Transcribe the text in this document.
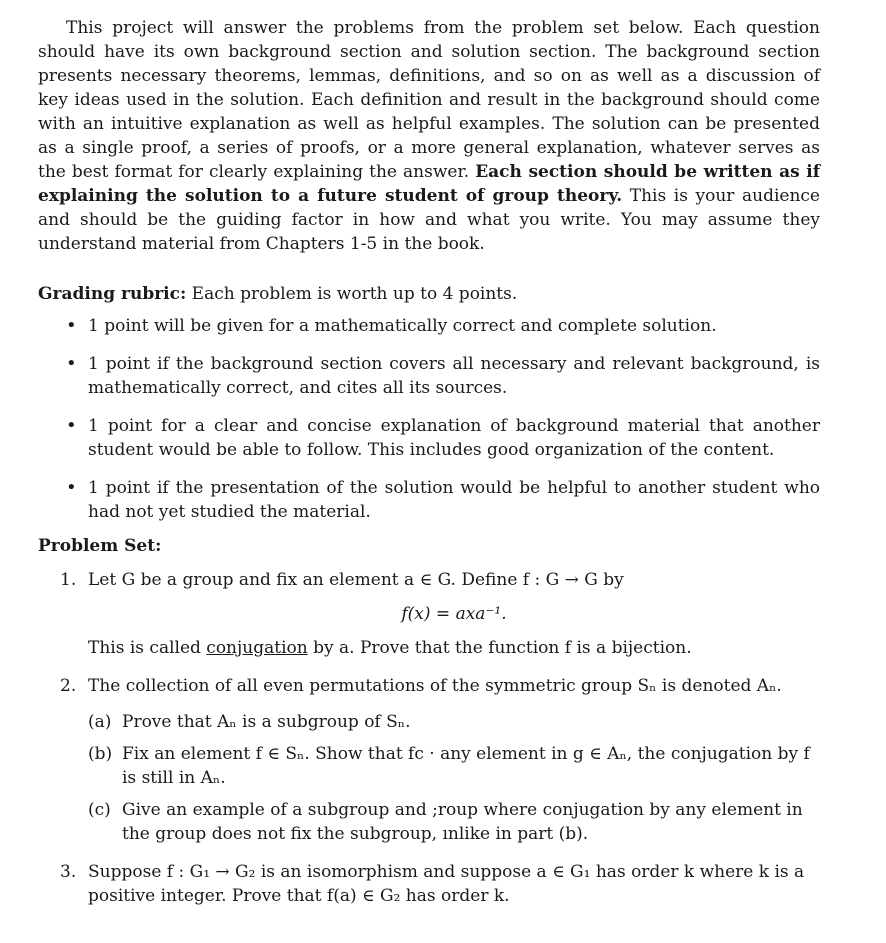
This project will answer the problems from the problem set below. Each question should have its own background section and solution section. The background section presents necessary theorems, lemmas, definitions, and so on as well as a discussion of key ideas used in the solution. Each definition and result in the background should come with an intuitive explanation as well as helpful examples. The solution can be presented as a single proof, a series of proofs, or a more general explanation, whatever serves as the best format for clearly explaining the answer. Each section should be written as if explaining the solution to a future student of group theory. This is your audience and should be the guiding factor in how and what you write. You may assume they understand material from Chapters 1-5 in the book.

Grading rubric: Each problem is worth up to 4 points.
• 1 point will be given for a mathematically correct and complete solution.
• 1 point if the background section covers all necessary and relevant background, is mathematically correct, and cites all its sources.
• 1 point for a clear and concise explanation of background material that another student would be able to follow. This includes good organization of the content.
• 1 point if the presentation of the solution would be helpful to another student who had not yet studied the material.
Problem Set:
1. Let G be a group and fix an element a ∈ G. Define f : G → G by
f(x) = axa⁻¹.
This is called conjugation by a. Prove that the function f is a bijection.
2. The collection of all even permutations of the symmetric group Sₙ is denoted Aₙ.
(a) Prove that Aₙ is a subgroup of Sₙ.
(b) Fix an element f ∈ Sₙ. Show that fc · any element in g ∈ Aₙ, the conjugation by f is still in Aₙ.
(c) Give an example of a subgroup and ;roup where conjugation by any element in the group does not fix the subgroup, ınlike in part (b).
3. Suppose f : G₁ → G₂ is an isomorphism and suppose a ∈ G₁ has order k where k is a positive integer. Prove that f(a) ∈ G₂ has order k.
